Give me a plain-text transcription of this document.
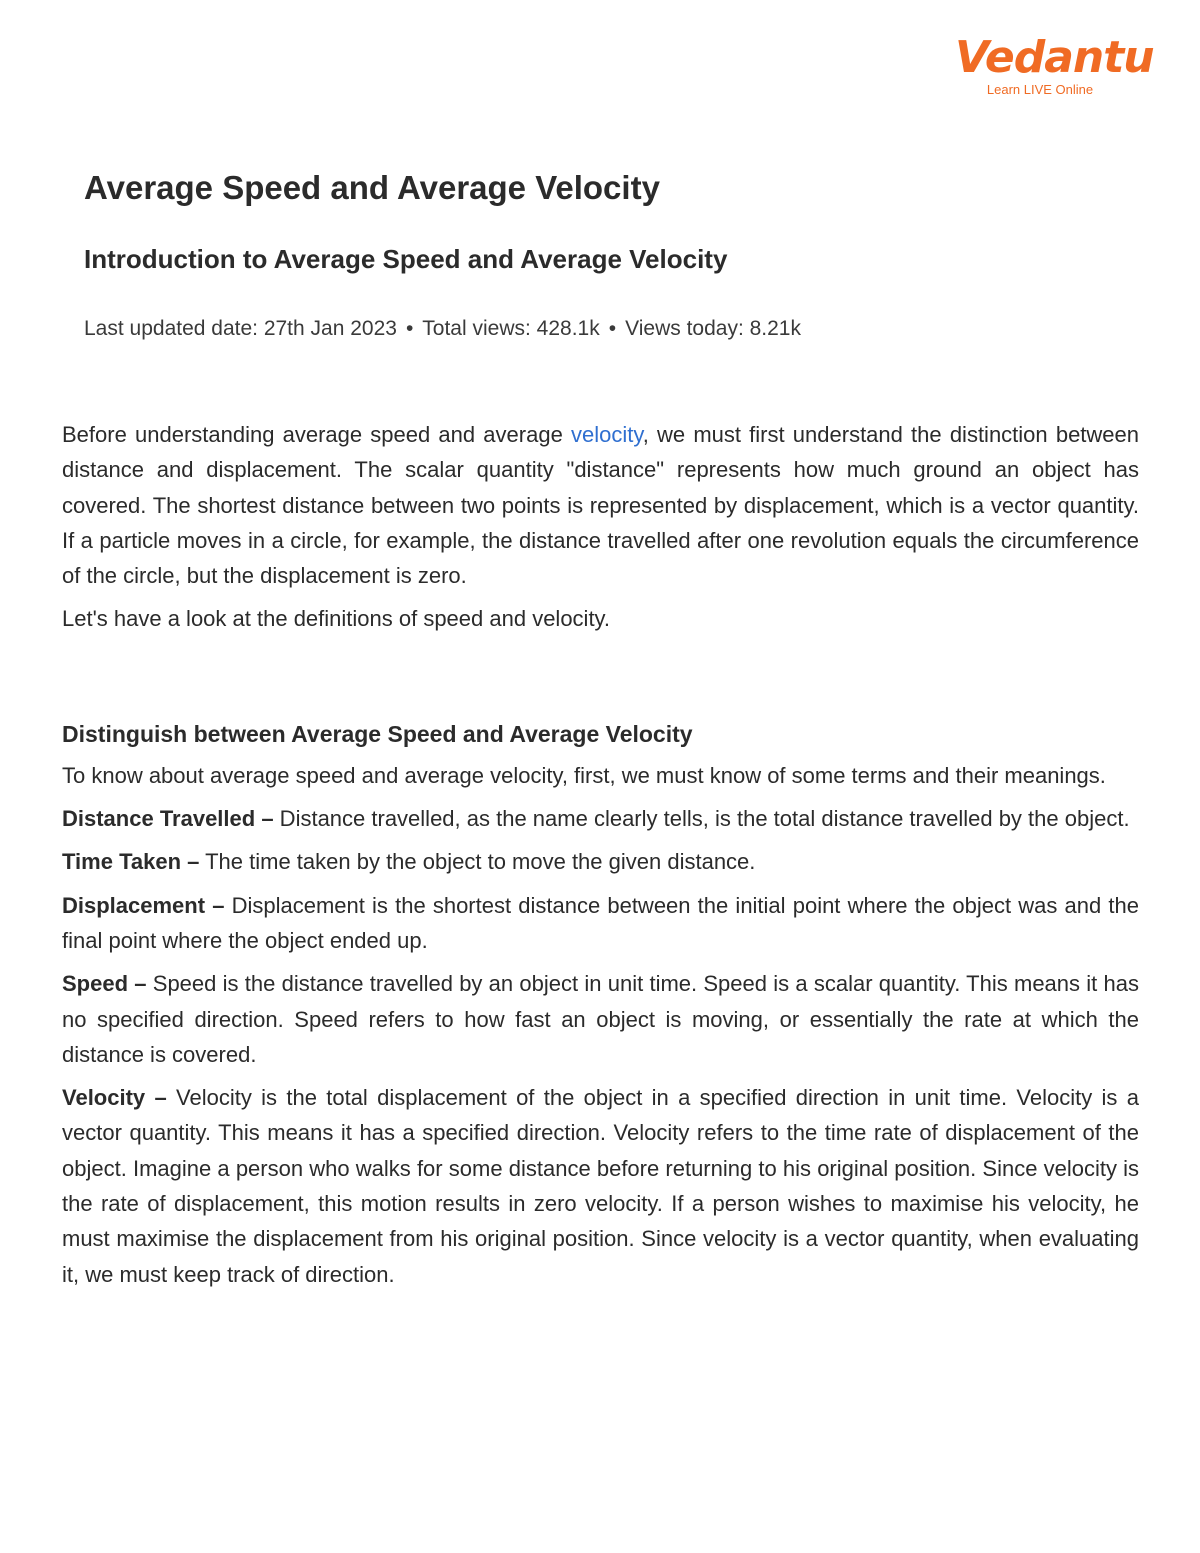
Vedantu
Learn LIVE Online
Average Speed and Average Velocity
Introduction to Average Speed and Average Velocity
Last updated date: 27th Jan 2023 • Total views: 428.1k • Views today: 8.21k

Before understanding average speed and average velocity, we must first understand the distinction between distance and displacement. The scalar quantity "distance" represents how much ground an object has covered. The shortest distance between two points is represented by displacement, which is a vector quantity. If a particle moves in a circle, for example, the distance travelled after one revolution equals the circumference of the circle, but the displacement is zero.

Let's have a look at the definitions of speed and velocity.

Distinguish between Average Speed and Average Velocity

To know about average speed and average velocity, first, we must know of some terms and their meanings.

Distance Travelled – Distance travelled, as the name clearly tells, is the total distance travelled by the object.

Time Taken – The time taken by the object to move the given distance.

Displacement – Displacement is the shortest distance between the initial point where the object was and the final point where the object ended up.

Speed – Speed is the distance travelled by an object in unit time. Speed is a scalar quantity. This means it has no specified direction. Speed refers to how fast an object is moving, or essentially the rate at which the distance is covered.

Velocity – Velocity is the total displacement of the object in a specified direction in unit time. Velocity is a vector quantity. This means it has a specified direction. Velocity refers to the time rate of displacement of the object. Imagine a person who walks for some distance before returning to his original position. Since velocity is the rate of displacement, this motion results in zero velocity. If a person wishes to maximise his velocity, he must maximise the displacement from his original position. Since velocity is a vector quantity, when evaluating it, we must keep track of direction.
